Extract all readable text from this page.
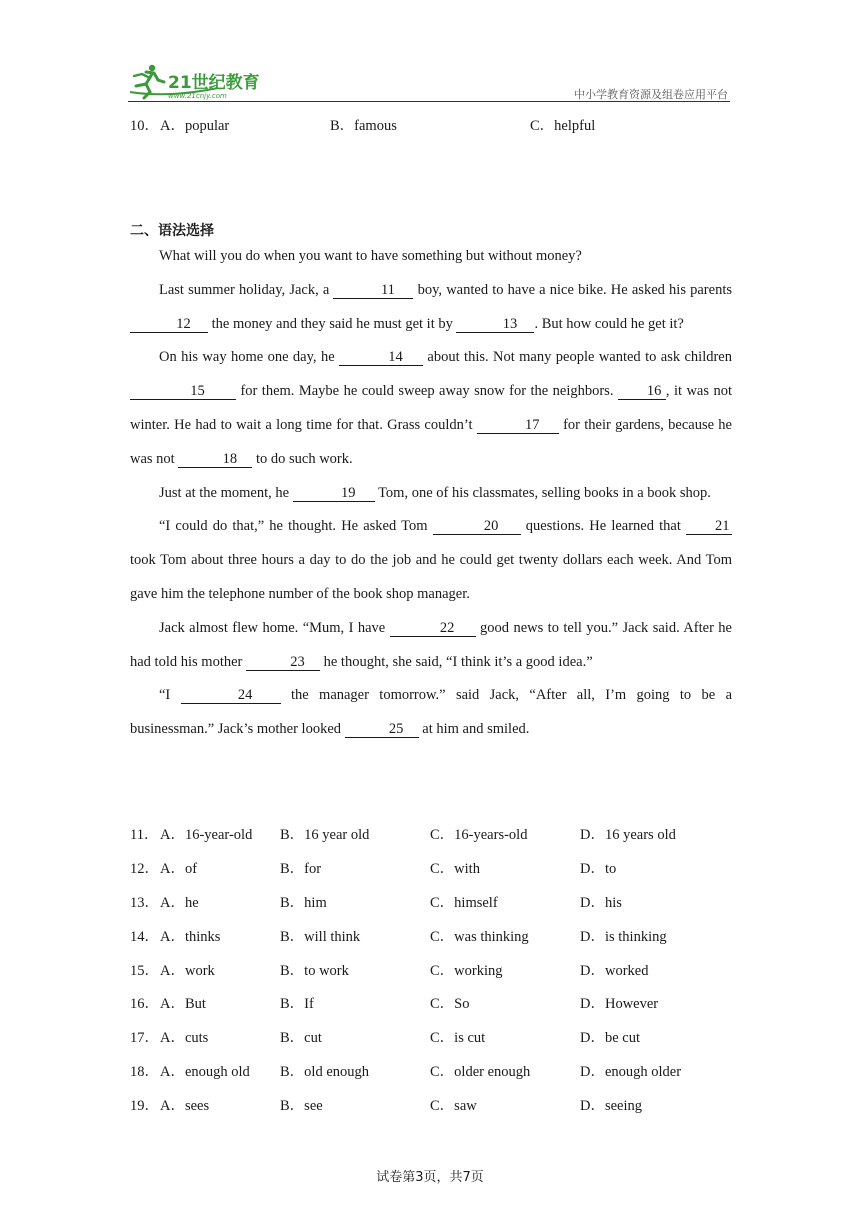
21世纪教育
www.21cnjy.com	中小学教育资源及组卷应用平台
10． A．popular	B．famous	C．helpful
二、语法选择

What will you do when you want to have something but without money?

Last summer holiday, Jack, a	11 boy, wanted to have a nice bike. He asked his parents 12 the money and they said he must get it by	13 . But how could he get it?

On his way home one day, he	14 about this. Not many people wanted to ask children 15 for them. Maybe he could sweep away snow for the neighbors. 16 , it was not winter. He had to wait a long time for that. Grass couldn’t	17 for their gardens, because he was not	18 to do such work.

Just at the moment, he	19 Tom, one of his classmates, selling books in a book shop.

“I could do that,” he thought. He asked Tom	20 questions. He learned that 21 took Tom about three hours a day to do the job and he could get twenty dollars each week. And Tom gave him the telephone number of the book shop manager.

Jack almost flew home. “Mum, I have	22 good news to tell you.” Jack said. After he had told his mother	23 he thought, she said, “I think it’s a good idea.”

“I	24 the manager tomorrow.” said Jack, “After all, I’m going to be a businessman.” Jack’s mother looked	25 at him and smiled.

11． A．16-year-old B．16 year old	C．16-years-old	D．16 years old
12． A．of	B．for	C．with	D．to
13． A．he	B．him	C．himself	D．his
14． A．thinks	B．will think	C．was thinking	D．is thinking
15． A．work	B．to work	C．working	D．worked
16． A．But	B．If	C．So	D．However
17． A．cuts	B．cut	C．is cut	D．be cut
18． A．enough old B．old enough	C．older enough	D．enough older
19． A．sees	B．see	C．saw	D．seeing
试卷第3页，共7页
